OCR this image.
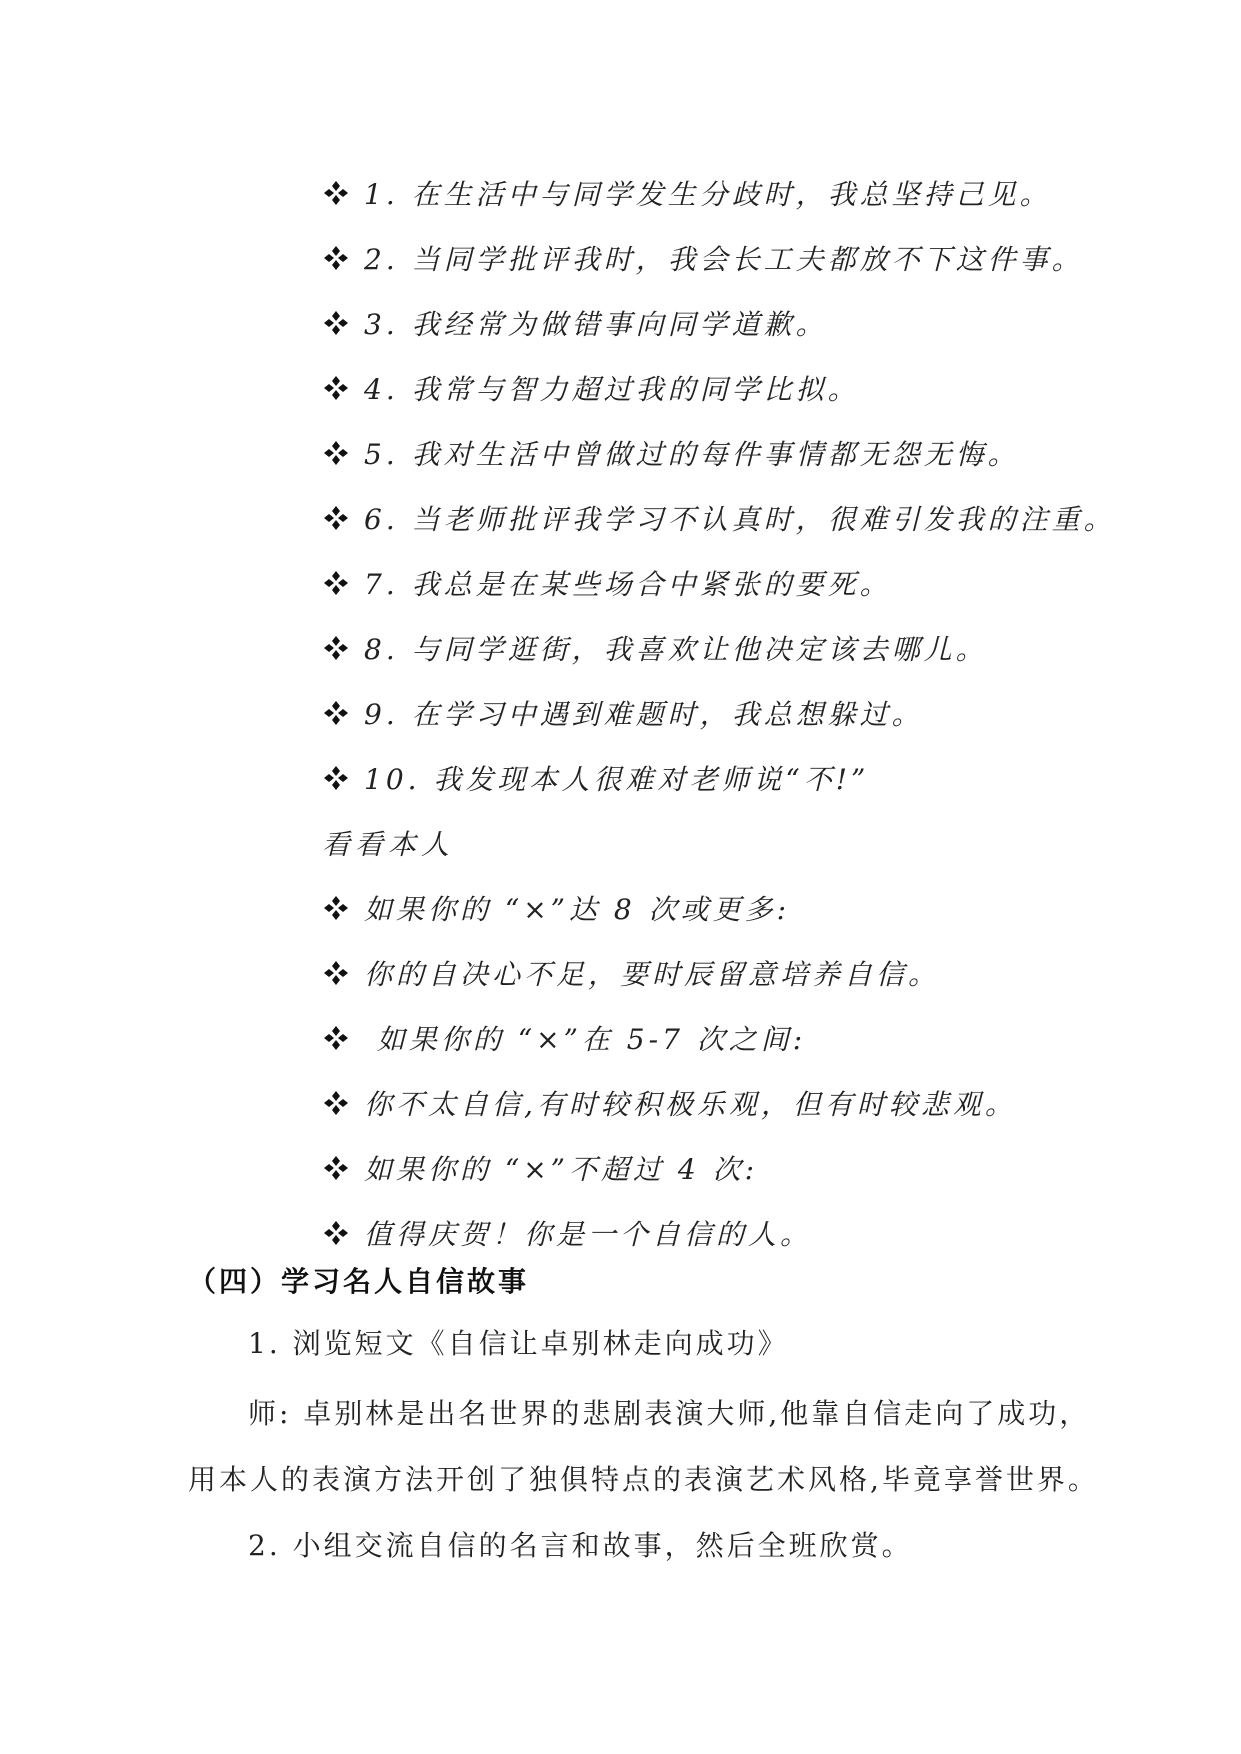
1. 在生活中与同学发生分歧时，我总坚持己见。
2. 当同学批评我时，我会长工夫都放不下这件事。
3. 我经常为做错事向同学道歉。
4. 我常与智力超过我的同学比拟。
5. 我对生活中曾做过的每件事情都无怨无悔。
6. 当老师批评我学习不认真时，很难引发我的注重。
7. 我总是在某些场合中紧张的要死。
8. 与同学逛街，我喜欢让他决定该去哪儿。
9. 在学习中遇到难题时，我总想躲过。
10. 我发现本人很难对老师说“不!”
看看本人
如果你的 “×”达 8 次或更多:
你的自决心不足，要时辰留意培养自信。
如果你的 “×”在 5-7 次之间:
你不太自信,有时较积极乐观，但有时较悲观。
如果你的 “×”不超过 4 次:
值得庆贺！你是一个自信的人。
（四）学习名人自信故事
1. 浏览短文《自信让卓别林走向成功》
师: 卓别林是出名世界的悲剧表演大师,他靠自信走向了成功，
用本人的表演方法开创了独俱特点的表演艺术风格,毕竟享誉世界。
2. 小组交流自信的名言和故事，然后全班欣赏。
